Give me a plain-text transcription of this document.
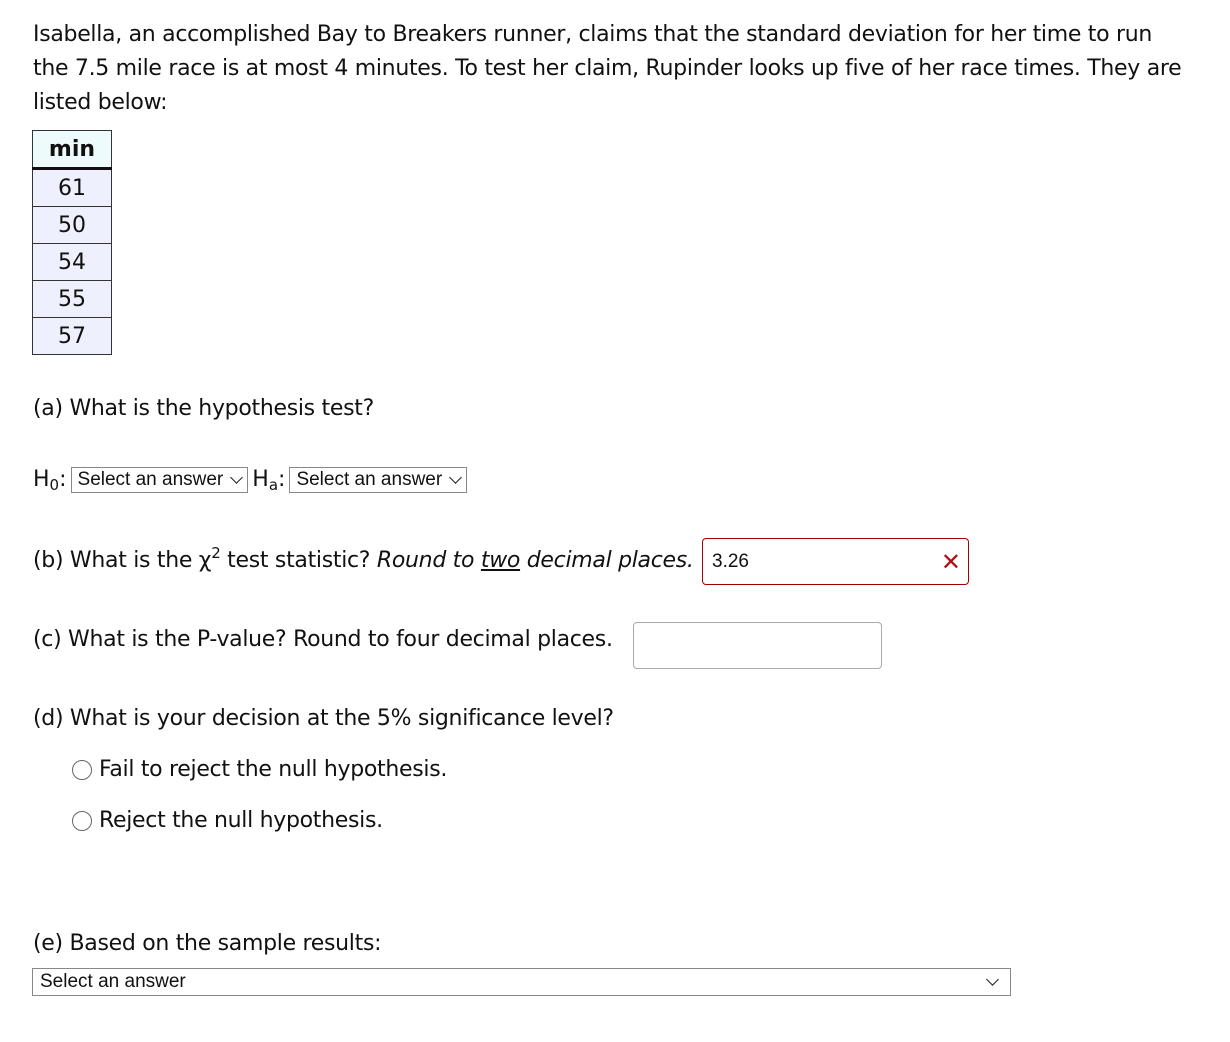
Isabella, an accomplished Bay to Breakers runner, claims that the standard deviation for her time to run the 7.5 mile race is at most 4 minutes. To test her claim, Rupinder looks up five of her race times. They are listed below:
min
61
50
54
55
57
(a) What is the hypothesis test?
$H_0$: Select an answer $H_a$: Select an answer
(b) What is the $\chi^2$ test statistic? Round to two decimal places. 3.26	✕
(c) What is the P-value? Round to four decimal places.
(d) What is your decision at the 5% significance level?
Fail to reject the null hypothesis.
Reject the null hypothesis.
(e) Based on the sample results:
Select an answer
